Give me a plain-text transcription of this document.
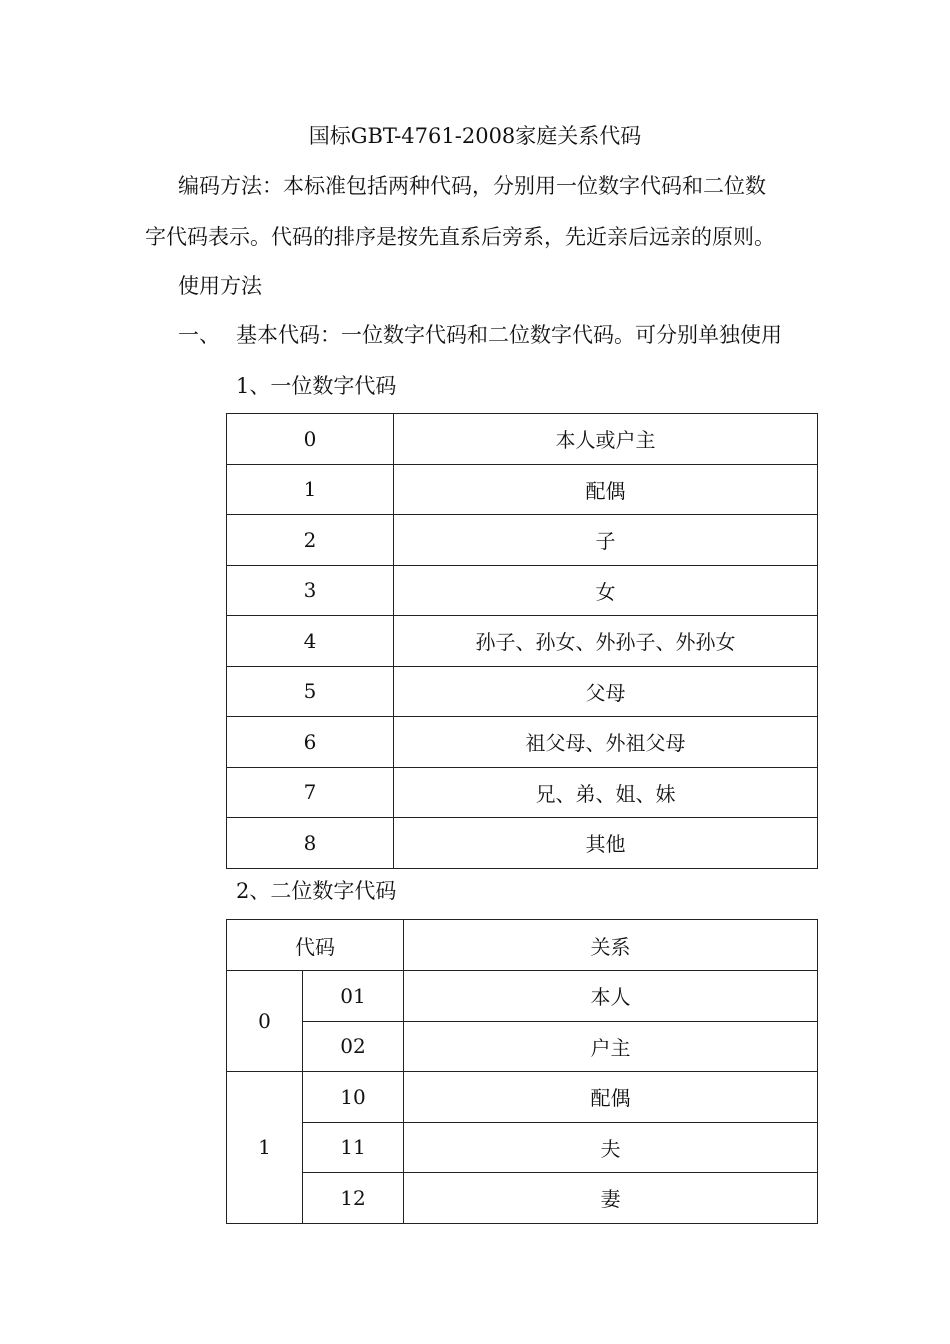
国标GBT-4761-2008家庭关系代码
编码方法：本标准包括两种代码，分别用一位数字代码和二位数
字代码表示。代码的排序是按先直系后旁系，先近亲后远亲的原则。
使用方法
一、 基本代码：一位数字代码和二位数字代码。可分别单独使用
1、一位数字代码
0	本人或户主
1	配偶
2	子
3	女
4	孙子、孙女、外孙子、外孙女
5	父母
6	祖父母、外祖父母
7	兄、弟、姐、妹
8	其他
2、二位数字代码
代码		关系
0	01	本人
	02	户主
1	10	配偶
	11	夫
	12	妻
